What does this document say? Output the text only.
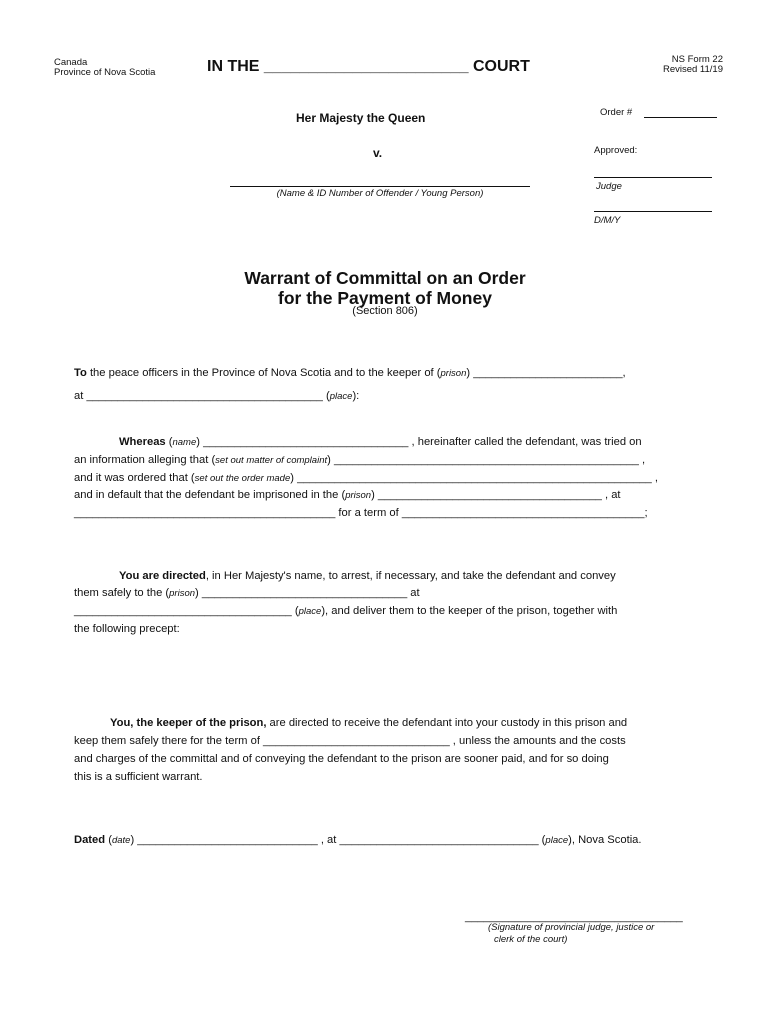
Canada
Province of Nova Scotia	IN THE _______________________ COURT	NS Form 22
Revised 11/19
Her Majesty the Queen
v.
(Name & ID Number of Offender / Young Person)
Order #
Approved:
Judge
D/M/Y
Warrant of Committal on an Order
for the Payment of Money
(Section 806)
To the peace officers in the Province of Nova Scotia and to the keeper of (prison) ________________________,
at ______________________________________ (place):
Whereas (name) _________________________________ , hereinafter called the defendant, was tried on
an information alleging that (set out matter of complaint) _________________________________________________ ,
and it was ordered that (set out the order made) _________________________________________________________ ,
and in default that the defendant be imprisoned in the (prison) ____________________________________ , at
__________________________________________ for a term of _______________________________________;
You are directed, in Her Majesty's name, to arrest, if necessary, and take the defendant and convey
them safely to the (prison) _________________________________ at
___________________________________ (place), and deliver them to the keeper of the prison, together with
the following precept:
You, the keeper of the prison, are directed to receive the defendant into your custody in this prison and
keep them safely there for the term of ______________________________ , unless the amounts and the costs
and charges of the committal and of conveying the defendant to the prison are sooner paid, and for so doing
this is a sufficient warrant.
Dated (date) _____________________________ , at ________________________________ (place), Nova Scotia.
___________________________________
(Signature of provincial judge, justice or
clerk of the court)
